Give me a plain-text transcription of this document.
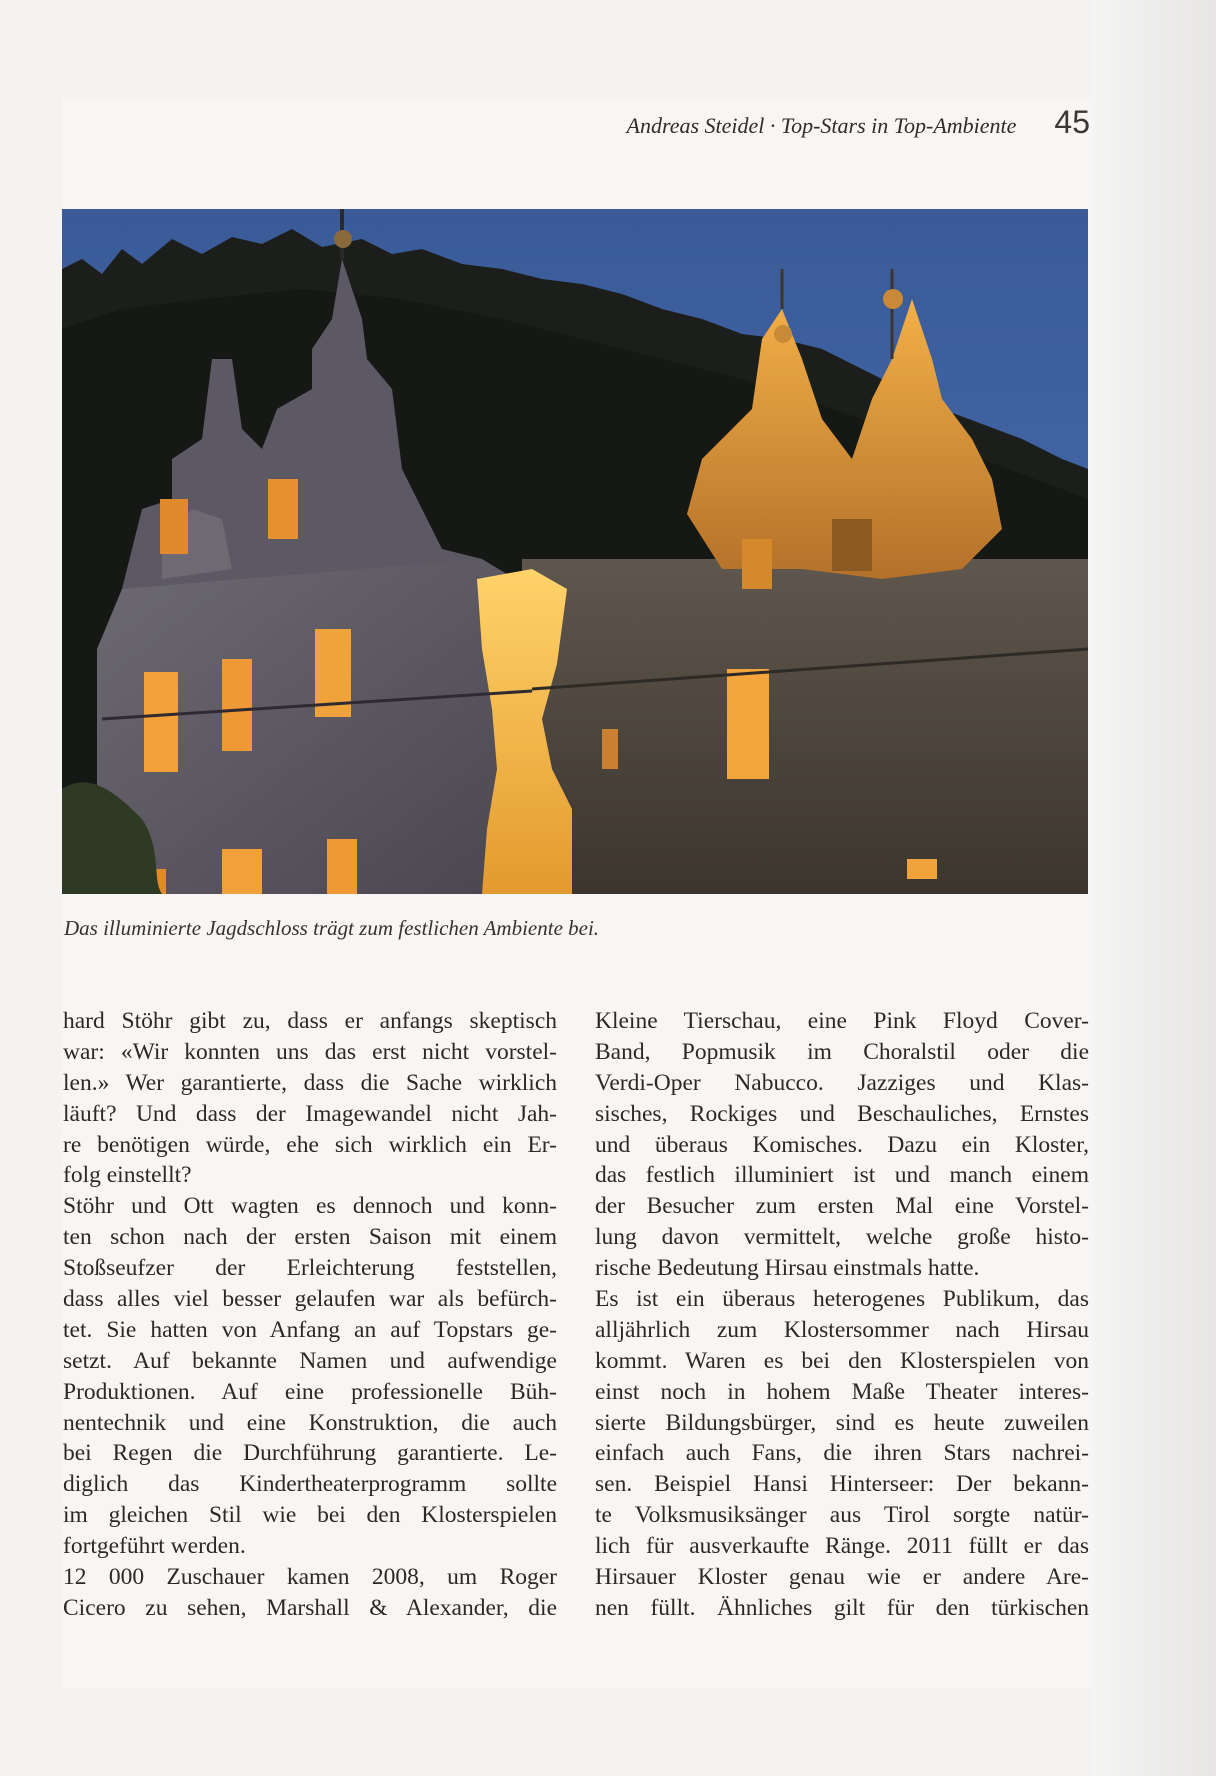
Andreas Steidel · Top-Stars in Top-Ambiente 45
Das illuminierte Jagdschloss trägt zum festlichen Ambiente bei.
hard Stöhr gibt zu, dass er anfangs skeptisch
war: «Wir konnten uns das erst nicht vorstel-
len.» Wer garantierte, dass die Sache wirklich
läuft? Und dass der Imagewandel nicht Jah-
re benötigen würde, ehe sich wirklich ein Er-
folg einstellt?
Stöhr und Ott wagten es dennoch und konn-
ten schon nach der ersten Saison mit einem
Stoßseufzer der Erleichterung feststellen,
dass alles viel besser gelaufen war als befürch-
tet. Sie hatten von Anfang an auf Topstars ge-
setzt. Auf bekannte Namen und aufwendige
Produktionen. Auf eine professionelle Büh-
nentechnik und eine Konstruktion, die auch
bei Regen die Durchführung garantierte. Le-
diglich das Kindertheaterprogramm sollte
im gleichen Stil wie bei den Klosterspielen
fortgeführt werden.
12 000 Zuschauer kamen 2008, um Roger
Cicero zu sehen, Marshall & Alexander, die
Kleine Tierschau, eine Pink Floyd Cover-
Band, Popmusik im Choralstil oder die
Verdi-Oper Nabucco. Jazziges und Klas-
sisches, Rockiges und Beschauliches, Ernstes
und überaus Komisches. Dazu ein Kloster,
das festlich illuminiert ist und manch einem
der Besucher zum ersten Mal eine Vorstel-
lung davon vermittelt, welche große histo-
rische Bedeutung Hirsau einstmals hatte.
Es ist ein überaus heterogenes Publikum, das
alljährlich zum Klostersommer nach Hirsau
kommt. Waren es bei den Klosterspielen von
einst noch in hohem Maße Theater interes-
sierte Bildungsbürger, sind es heute zuweilen
einfach auch Fans, die ihren Stars nachrei-
sen. Beispiel Hansi Hinterseer: Der bekann-
te Volksmusiksänger aus Tirol sorgte natür-
lich für ausverkaufte Ränge. 2011 füllt er das
Hirsauer Kloster genau wie er andere Are-
nen füllt. Ähnliches gilt für den türkischen
